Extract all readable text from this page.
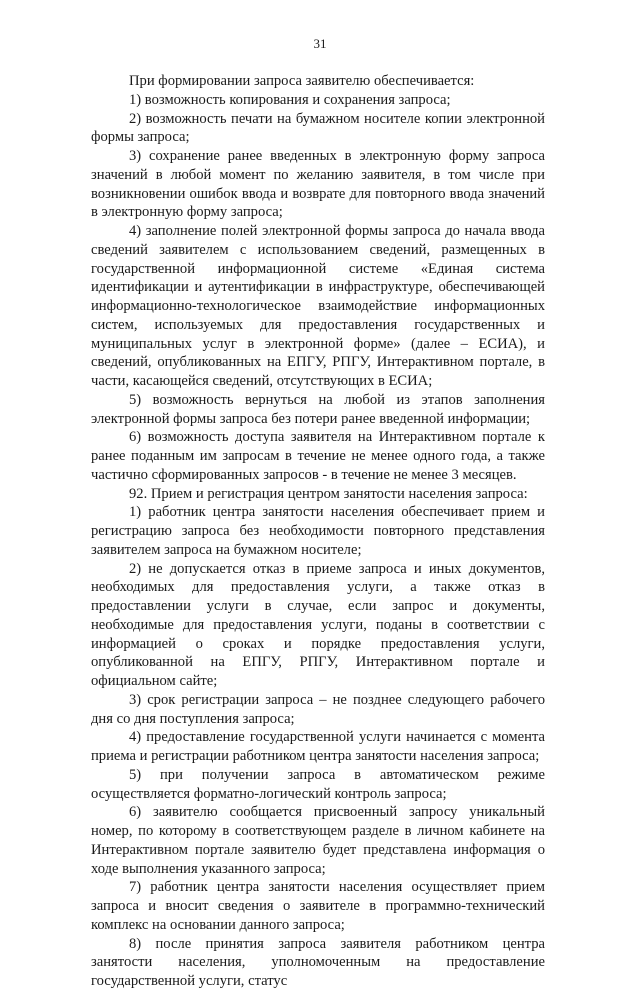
31

При формировании запроса заявителю обеспечивается:

1) возможность копирования и сохранения запроса;

2) возможность печати на бумажном носителе копии электронной формы запроса;

3) сохранение ранее введенных в электронную форму запроса значений в любой момент по желанию заявителя, в том числе при возникновении ошибок ввода и возврате для повторного ввода значений в электронную форму запроса;

4) заполнение полей электронной формы запроса до начала ввода сведений заявителем с использованием сведений, размещенных в государственной информационной системе «Единая система идентификации и аутентификации в инфраструктуре, обеспечивающей информационно-технологическое взаимодействие информационных систем, используемых для предоставления государственных и муниципальных услуг в электронной форме» (далее – ЕСИА), и сведений, опубликованных на ЕПГУ, РПГУ, Интерактивном портале, в части, касающейся сведений, отсутствующих в ЕСИА;

5) возможность вернуться на любой из этапов заполнения электронной формы запроса без потери ранее введенной информации;

6) возможность доступа заявителя на Интерактивном портале к ранее поданным им запросам в течение не менее одного года, а также частично сформированных запросов - в течение не менее 3 месяцев.

92. Прием и регистрация центром занятости населения запроса:

1) работник центра занятости населения обеспечивает прием и регистрацию запроса без необходимости повторного представления заявителем запроса на бумажном носителе;

2) не допускается отказ в приеме запроса и иных документов, необходимых для предоставления услуги, а также отказ в предоставлении услуги в случае, если запрос и документы, необходимые для предоставления услуги, поданы в соответствии с информацией о сроках и порядке предоставления услуги, опубликованной на ЕПГУ, РПГУ, Интерактивном портале и официальном сайте;

3) срок регистрации запроса – не позднее следующего рабочего дня со дня поступления запроса;

4) предоставление государственной услуги начинается с момента приема и регистрации работником центра занятости населения запроса;

5) при получении запроса в автоматическом режиме осуществляется форматно-логический контроль запроса;

6) заявителю сообщается присвоенный запросу уникальный номер, по которому в соответствующем разделе в личном кабинете на Интерактивном портале заявителю будет представлена информация о ходе выполнения указанного запроса;

7) работник центра занятости населения осуществляет прием запроса и вносит сведения о заявителе в программно-технический комплекс на основании данного запроса;

8) после принятия запроса заявителя работником центра занятости населения, уполномоченным на предоставление государственной услуги, статус
